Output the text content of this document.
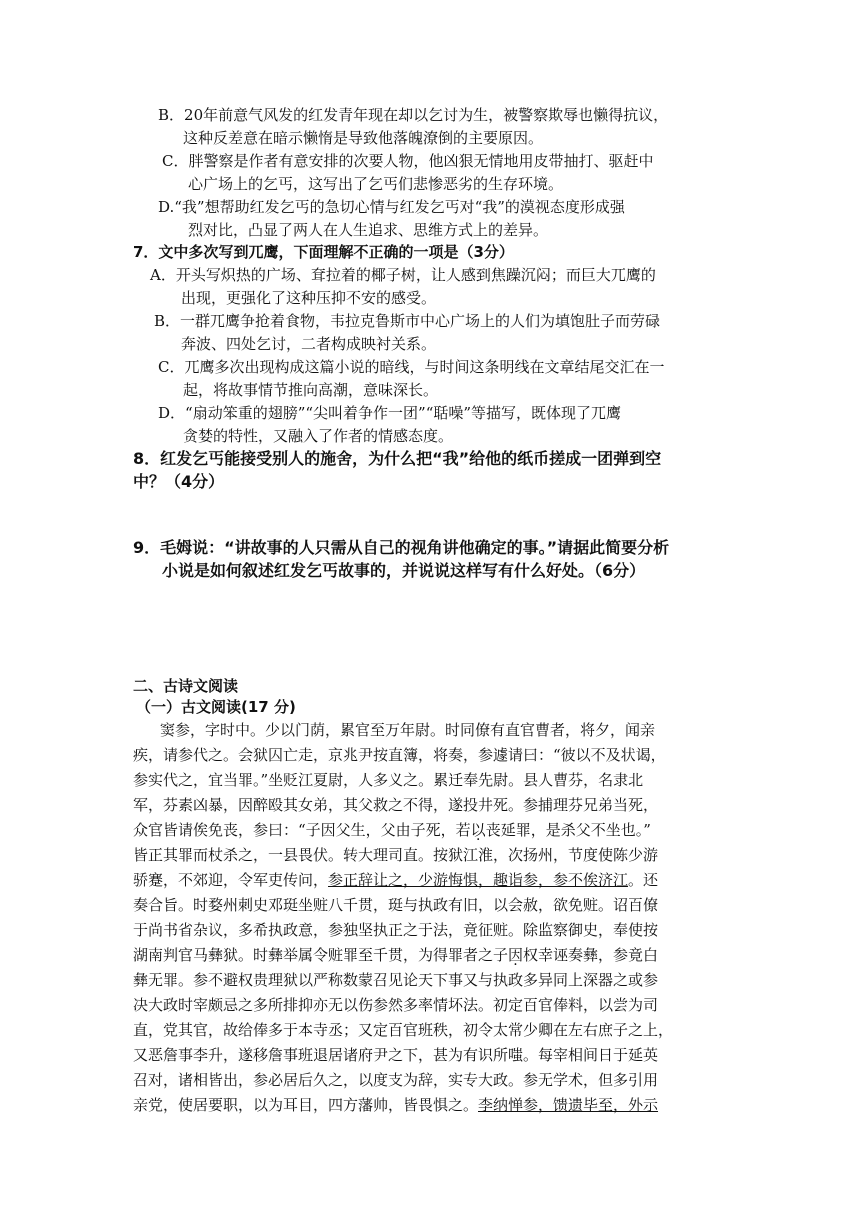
B．20年前意气风发的红发青年现在却以乞讨为生，被警察欺辱也懒得抗议，
这种反差意在暗示懒惰是导致他落魄潦倒的主要原因。
C．胖警察是作者有意安排的次要人物，他凶狠无情地用皮带抽打、驱赶中
心广场上的乞丐，这写出了乞丐们悲惨恶劣的生存环境。
D.“我”想帮助红发乞丐的急切心情与红发乞丐对“我”的漠视态度形成强
烈对比，凸显了两人在人生追求、思维方式上的差异。
7．文中多次写到兀鹰，下面理解不正确的一项是（3分）
A．开头写炽热的广场、耷拉着的椰子树，让人感到焦躁沉闷；而巨大兀鹰的
出现，更强化了这种压抑不安的感受。
B．一群兀鹰争抢着食物，韦拉克鲁斯市中心广场上的人们为填饱肚子而劳碌
奔波、四处乞讨，二者构成映衬关系。
C．兀鹰多次出现构成这篇小说的暗线，与时间这条明线在文章结尾交汇在一
起，将故事情节推向高潮，意味深长。
D．“扇动笨重的翅膀”“尖叫着争作一团”“聒噪”等描写，既体现了兀鹰
贪婪的特性，又融入了作者的情感态度。
8．红发乞丐能接受别人的施舍，为什么把“我”给他的纸币搓成一团弹到空
中？（4分）
9．毛姆说：“讲故事的人只需从自己的视角讲他确定的事。”请据此简要分析
小说是如何叙述红发乞丐故事的，并说说这样写有什么好处。（6分）
二、古诗文阅读
（一）古文阅读(17 分)
窦参，字时中。少以门荫，累官至万年尉。时同僚有直官曹者，将夕，闻亲
疾，请参代之。会狱囚亡走，京兆尹按直簿，将奏，参遽请曰：“彼以不及状谒，
参实代之，宜当罪。”坐贬江夏尉，人多义之。累迁奉先尉。县人曹芬，名隶北
军，芬素凶暴，因醉殴其女弟，其父救之不得，遂投井死。参捕理芬兄弟当死，
众官皆请俟免丧，参曰：“子因父生，父由子死，若以丧延罪，是杀父不坐也。”
皆正其罪而杖杀之，一县畏伏。转大理司直。按狱江淮，次扬州，节度使陈少游
骄蹇，不郊迎，令军吏传问，参正辞让之，少游悔惧，趣诣参，参不俟济江。还
奏合旨。时婺州刺史邓珽坐赃八千贯，珽与执政有旧，以会赦，欲免赃。诏百僚
于尚书省杂议，多希执政意，参独坚执正之于法，竟征赃。除监察御史，奉使按
湖南判官马彝狱。时彝举属令赃罪至千贯，为得罪者之子因权幸诬奏彝，参竟白
彝无罪。参不避权贵理狱以严称数蒙召见论天下事又与执政多异同上深器之或参
决大政时宰颇忌之多所排抑亦无以伤参然多率情坏法。初定百官俸料，以尝为司
直，党其官，故给俸多于本寺丞；又定百官班秩，初令太常少卿在左右庶子之上，
又恶詹事李升，遂移詹事班退居诸府尹之下，甚为有识所嗤。每宰相间日于延英
召对，诸相皆出，参必居后久之，以度支为辞，实专大政。参无学术，但多引用
亲党，使居要职，以为耳目，四方藩帅，皆畏惧之。李纳惮参，馈遗毕至，外示
